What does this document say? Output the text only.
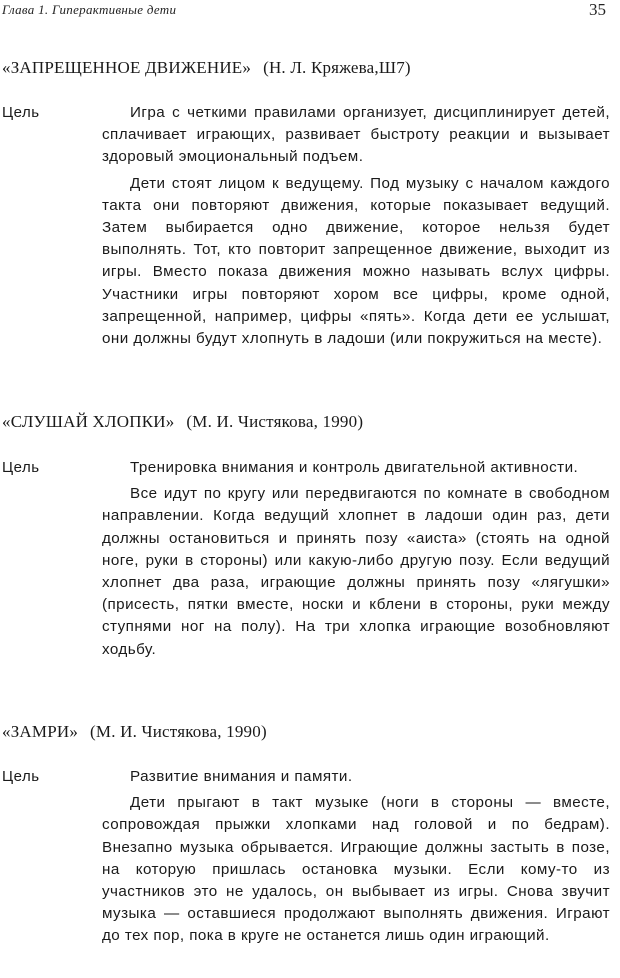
Глава 1. Гиперактивные дети	35
«ЗАПРЕЩЕННОЕ ДВИЖЕНИЕ» (Н. Л. Кряжева,Ш7)
Цель	Игра с четкими правилами организует, дисциплинирует детей, сплачивает играющих, развивает быстроту реакции и вызывает здоровый эмоциональный подъем.

Дети стоят лицом к ведущему. Под музыку с началом каждого такта они повторяют движения, которые показывает ведущий. Затем выбирается одно движение, которое нельзя будет выполнять. Тот, кто повторит запрещенное движение, выходит из игры. Вместо показа движения можно называть вслух цифры. Участники игры повторяют хором все цифры, кроме одной, запрещенной, например, цифры «пять». Когда дети ее услышат, они должны будут хлопнуть в ладоши (или покружиться на месте).

«СЛУШАЙ ХЛОПКИ» (М. И. Чистякова, 1990)
Цель	Тренировка внимания и контроль двигательной активности.

Все идут по кругу или передвигаются по комнате в свободном направлении. Когда ведущий хлопнет в ладоши один раз, дети должны остановиться и принять позу «аиста» (стоять на одной ноге, руки в стороны) или какую-либо другую позу. Если ведущий хлопнет два раза, играющие должны принять позу «лягушки» (присесть, пятки вместе, носки и кблени в стороны, руки между ступнями ног на полу). На три хлопка играющие возобновляют ходьбу.

«ЗАМРИ» (М. И. Чистякова, 1990)
Цель	Развитие внимания и памяти.

Дети прыгают в такт музыке (ноги в стороны — вместе, сопровождая прыжки хлопками над головой и по бедрам). Внезапно музыка обрывается. Играющие должны застыть в позе, на которую пришлась остановка музыки. Если кому-то из участников это не удалось, он выбывает из игры. Снова звучит музыка — оставшиеся продолжают выполнять движения. Играют до тех пор, пока в круге не останется лишь один играющий.
